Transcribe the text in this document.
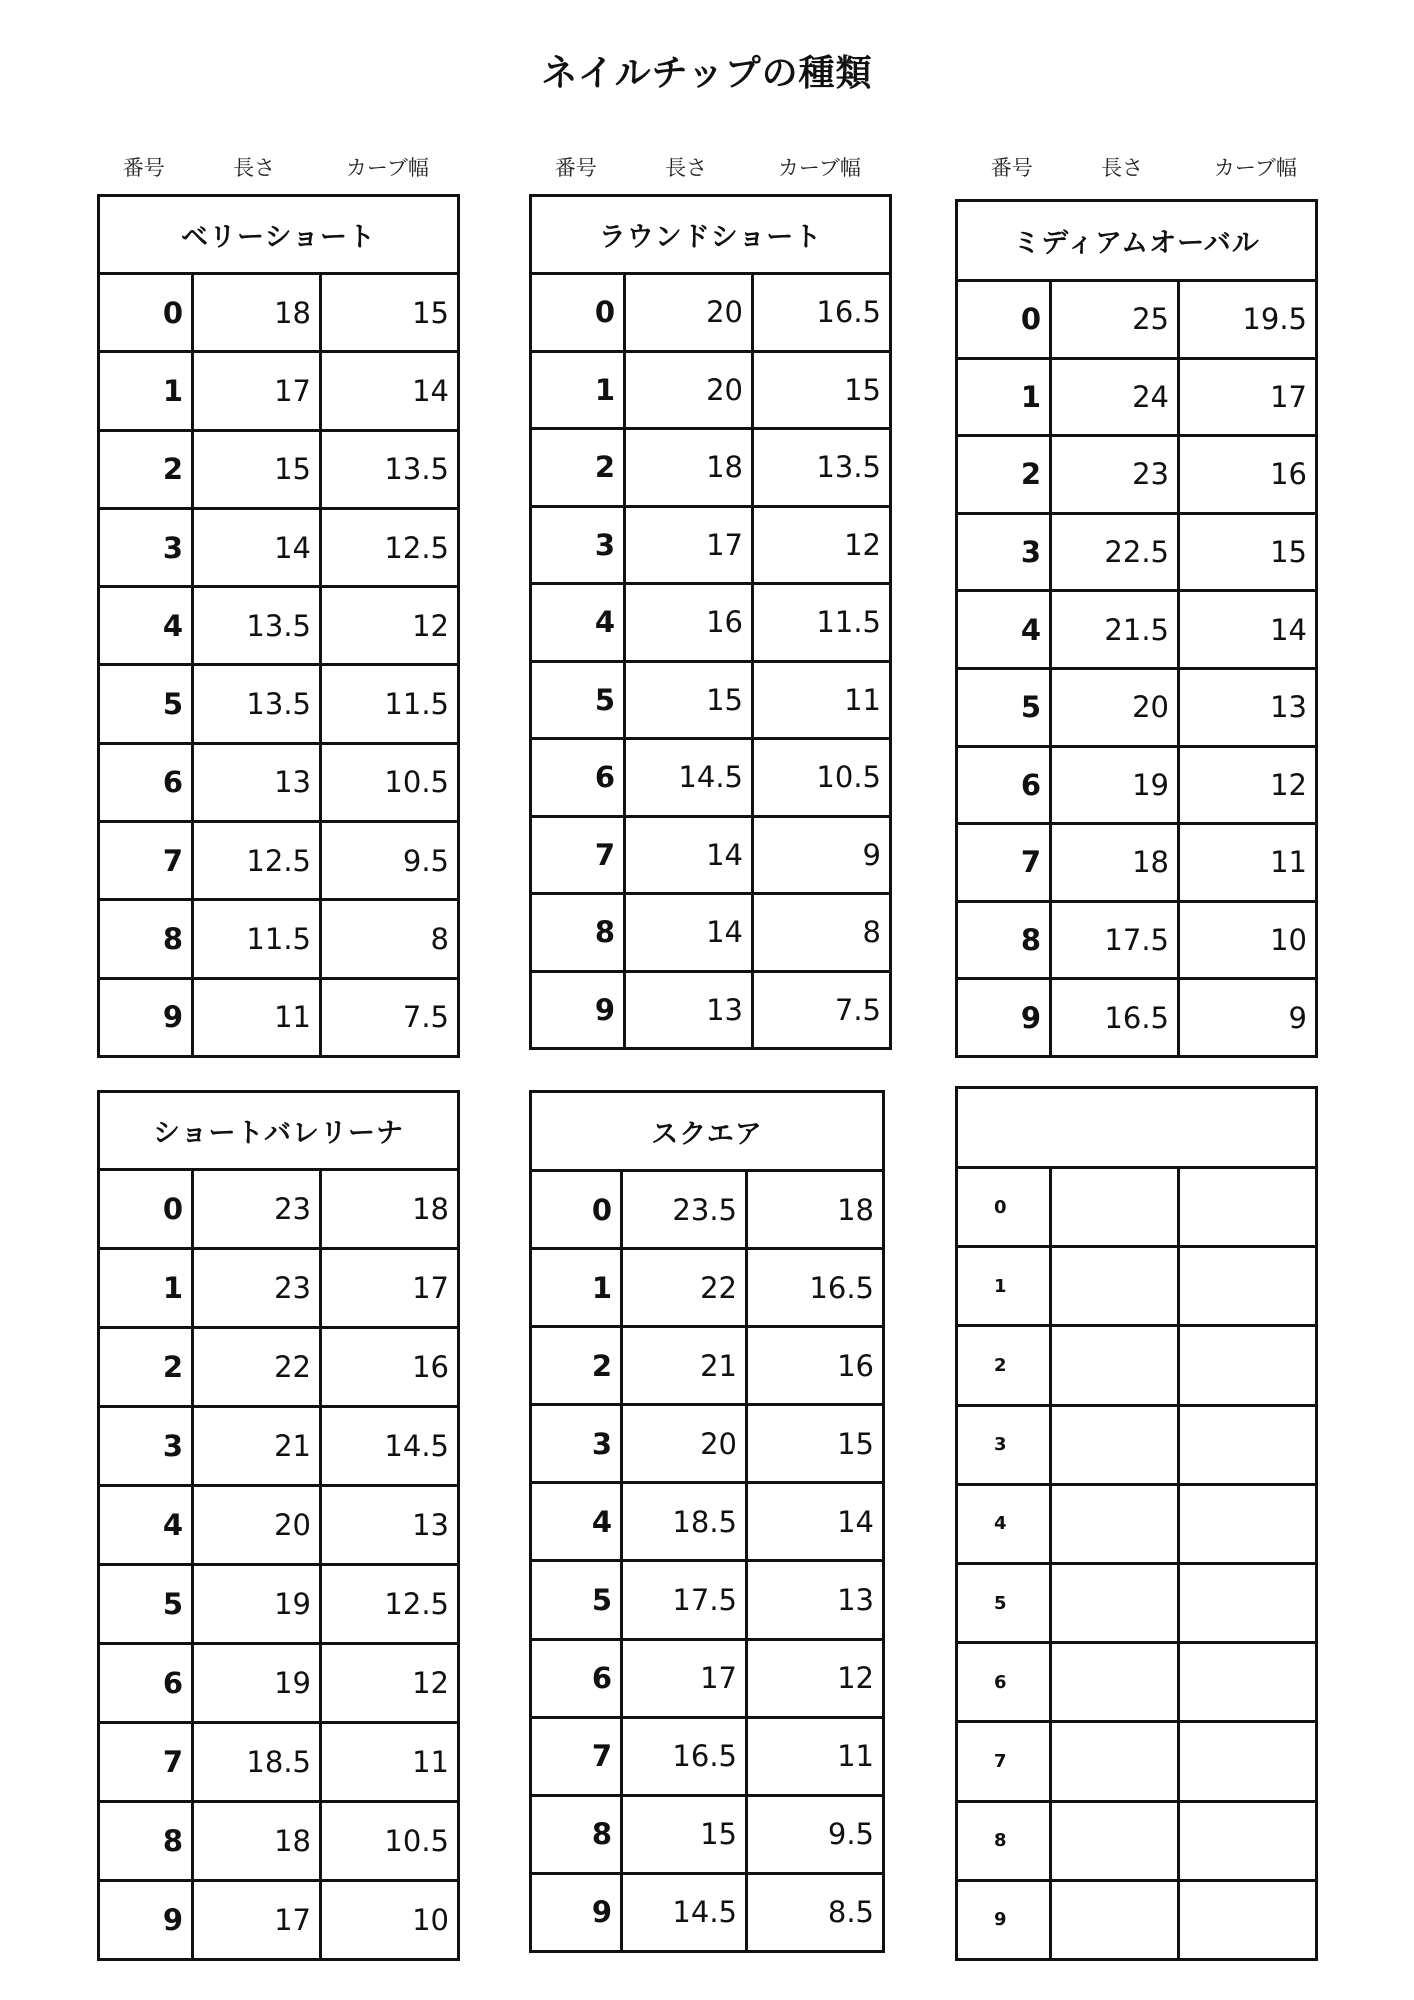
ネイルチップの種類
番号	長さ	カーブ幅	番号	長さ	カーブ幅	番号	長さ	カーブ幅
ベリーショート
0	18	15
1	17	14
2	15	13.5
3	14	12.5
4	13.5	12
5	13.5	11.5
6	13	10.5
7	12.5	9.5
8	11.5	8
9	11	7.5
ラウンドショート
0	20	16.5
1	20	15
2	18	13.5
3	17	12
4	16	11.5
5	15	11
6	14.5	10.5
7	14	9
8	14	8
9	13	7.5
ミディアムオーバル
0	25	19.5
1	24	17
2	23	16
3	22.5	15
4	21.5	14
5	20	13
6	19	12
7	18	11
8	17.5	10
9	16.5	9
ショートバレリーナ
0	23	18
1	23	17
2	22	16
3	21	14.5
4	20	13
5	19	12.5
6	19	12
7	18.5	11
8	18	10.5
9	17	10
スクエア
0	23.5	18
1	22	16.5
2	21	16
3	20	15
4	18.5	14
5	17.5	13
6	17	12
7	16.5	11
8	15	9.5
9	14.5	8.5
0
1
2
3
4
5
6
7
8
9
